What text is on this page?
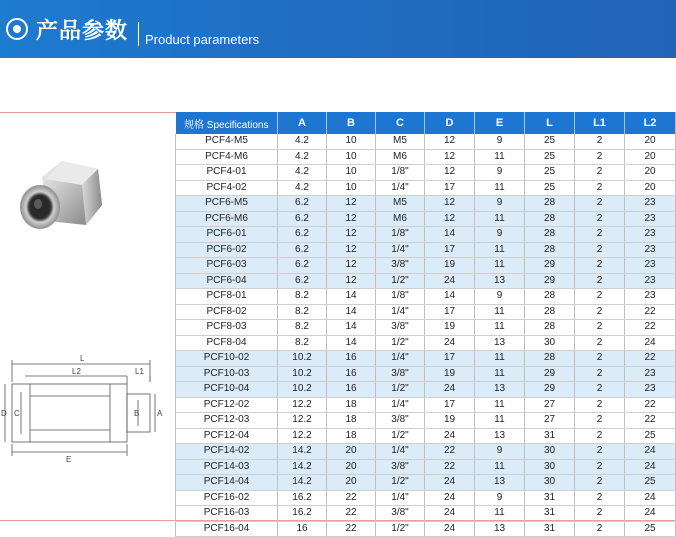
产品参数 Product parameters
L
L2	L1
D C	B A
E
规格 Specifications	A	B	C	D	E	L	L1	L2
PCF4-M5	4.2	10	M5	12	9	25	2	20
PCF4-M6	4.2	10	M6	12	11	25	2	20
PCF4-01	4.2	10	1/8"	12	9	25	2	20
PCF4-02	4.2	10	1/4"	17	11	25	2	20
PCF6-M5	6.2	12	M5	12	9	28	2	23
PCF6-M6	6.2	12	M6	12	11	28	2	23
PCF6-01	6.2	12	1/8"	14	9	28	2	23
PCF6-02	6.2	12	1/4"	17	11	28	2	23
PCF6-03	6.2	12	3/8"	19	11	29	2	23
PCF6-04	6.2	12	1/2"	24	13	29	2	23
PCF8-01	8.2	14	1/8"	14	9	28	2	23
PCF8-02	8.2	14	1/4"	17	11	28	2	22
PCF8-03	8.2	14	3/8"	19	11	28	2	22
PCF8-04	8.2	14	1/2"	24	13	30	2	24
PCF10-02	10.2	16	1/4"	17	11	28	2	22
PCF10-03	10.2	16	3/8"	19	11	29	2	23
PCF10-04	10.2	16	1/2"	24	13	29	2	23
PCF12-02	12.2	18	1/4"	17	11	27	2	22
PCF12-03	12.2	18	3/8"	19	11	27	2	22
PCF12-04	12.2	18	1/2"	24	13	31	2	25
PCF14-02	14.2	20	1/4"	22	9	30	2	24
PCF14-03	14.2	20	3/8"	22	11	30	2	24
PCF14-04	14.2	20	1/2"	24	13	30	2	25
PCF16-02	16.2	22	1/4"	24	9	31	2	24
PCF16-03	16.2	22	3/8"	24	11	31	2	24
PCF16-04	16	22	1/2"	24	13	31	2	25
